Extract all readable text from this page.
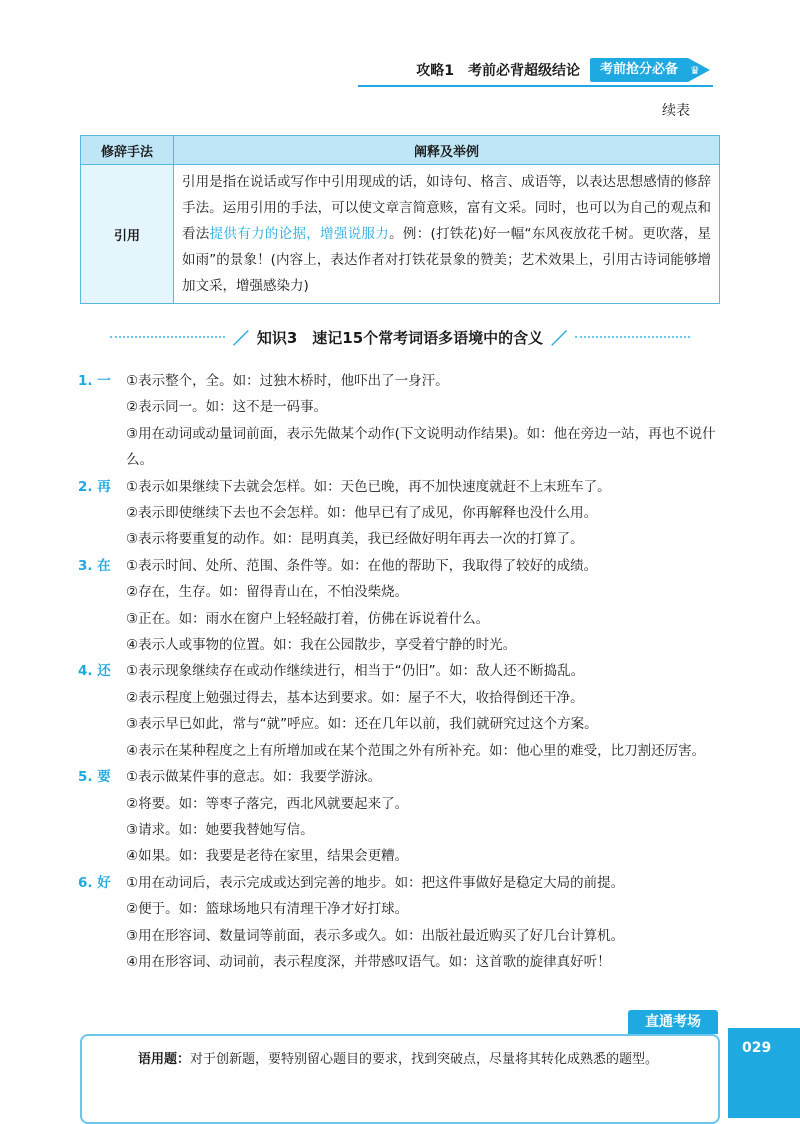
攻略1　考前必背超级结论	考前抢分必备	♛
续表
修辞手法	阐释及举例
引用	引用是指在说话或写作中引用现成的话，如诗句、格言、成语等，以表达思想感情的修辞手法。运用引用的手法，可以使文章言简意赅，富有文采。同时，也可以为自己的观点和看法提供有力的论据，增强说服力。例：(打铁花)好一幅“东风夜放花千树。更吹落，星如雨”的景象！(内容上，表达作者对打铁花景象的赞美；艺术效果上，引用古诗词能够增加文采，增强感染力)
／ 知识3　速记15个常考词语多语境中的含义 ／
1. 一	①表示整个，全。如：过独木桥时，他吓出了一身汗。
②表示同一。如：这不是一码事。
③用在动词或动量词前面，表示先做某个动作(下文说明动作结果)。如：他在旁边一站，再也不说什么。
2. 再	①表示如果继续下去就会怎样。如：天色已晚，再不加快速度就赶不上末班车了。
②表示即使继续下去也不会怎样。如：他早已有了成见，你再解释也没什么用。
③表示将要重复的动作。如：昆明真美，我已经做好明年再去一次的打算了。
3. 在	①表示时间、处所、范围、条件等。如：在他的帮助下，我取得了较好的成绩。
②存在，生存。如：留得青山在，不怕没柴烧。
③正在。如：雨水在窗户上轻轻敲打着，仿佛在诉说着什么。
④表示人或事物的位置。如：我在公园散步，享受着宁静的时光。
4. 还	①表示现象继续存在或动作继续进行，相当于“仍旧”。如：敌人还不断捣乱。
②表示程度上勉强过得去，基本达到要求。如：屋子不大，收拾得倒还干净。
③表示早已如此，常与“就”呼应。如：还在几年以前，我们就研究过这个方案。
④表示在某种程度之上有所增加或在某个范围之外有所补充。如：他心里的难受，比刀割还厉害。
5. 要	①表示做某件事的意志。如：我要学游泳。
②将要。如：等枣子落完，西北风就要起来了。
③请求。如：她要我替她写信。
④如果。如：我要是老待在家里，结果会更糟。
6. 好	①用在动词后，表示完成或达到完善的地步。如：把这件事做好是稳定大局的前提。
②便于。如：篮球场地只有清理干净才好打球。
③用在形容词、数量词等前面，表示多或久。如：出版社最近购买了好几台计算机。
④用在形容词、动词前，表示程度深，并带感叹语气。如：这首歌的旋律真好听！
直通考场
语用题：对于创新题，要特别留心题目的要求，找到突破点，尽量将其转化成熟悉的题型。
029
